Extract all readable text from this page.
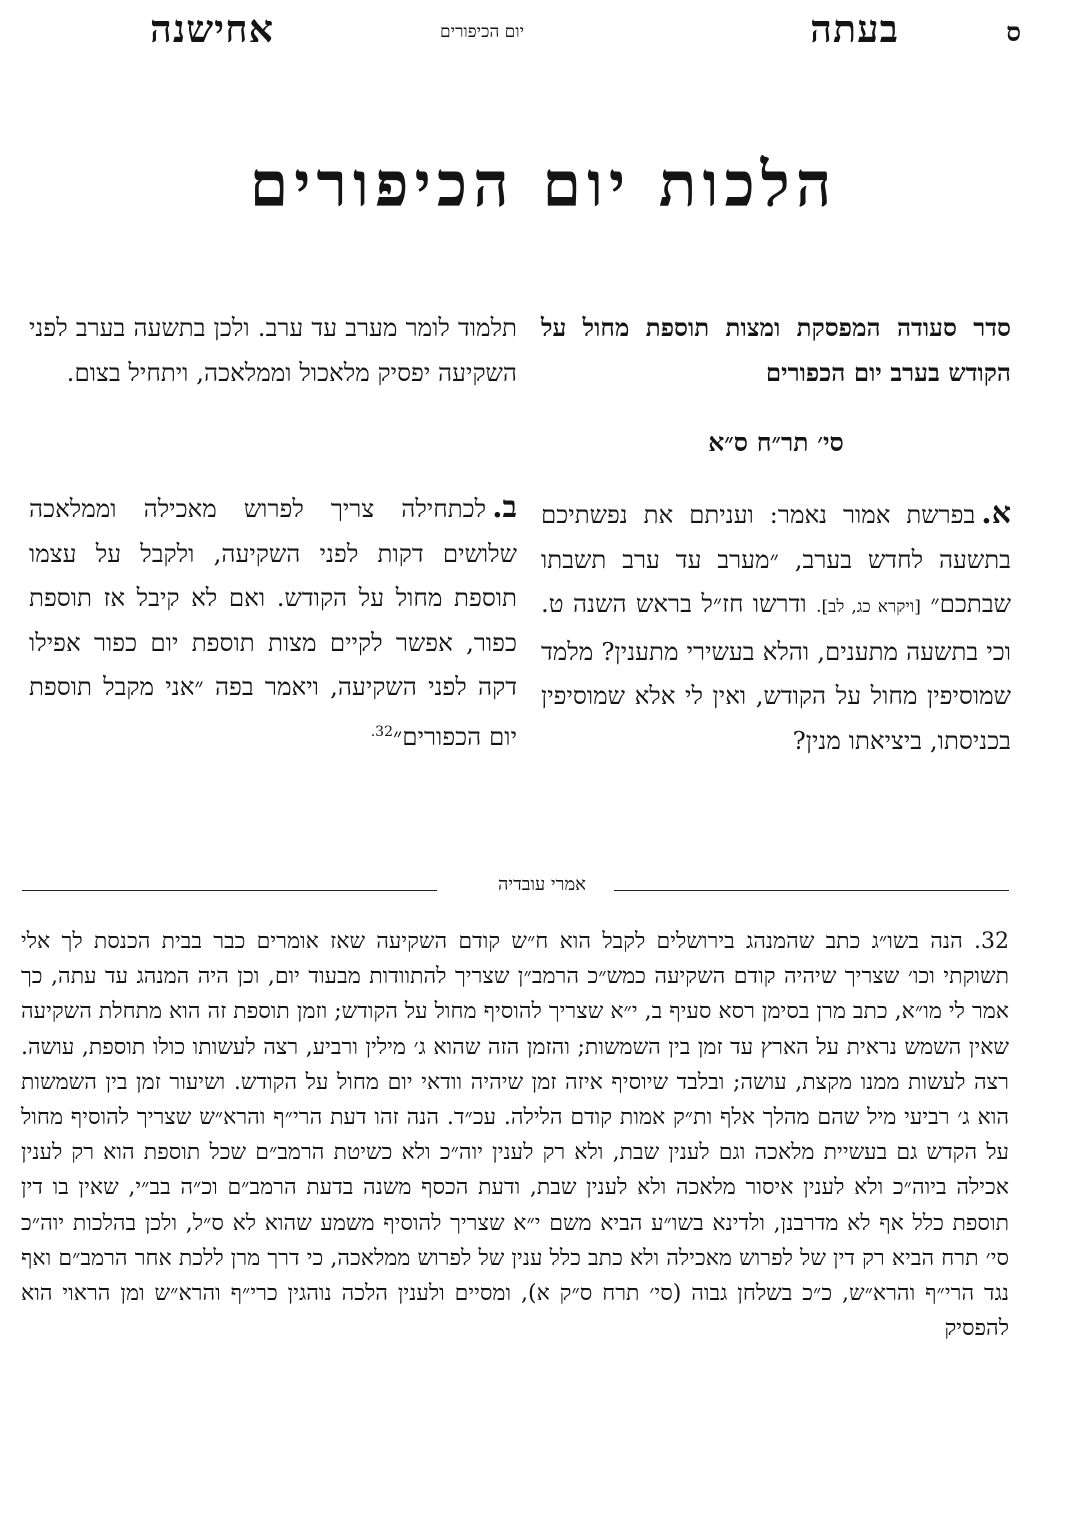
ס
בעתה
יום הכיפורים
אחישנה
הלכות יום הכיפורים

סדר סעודה המפסקת ומצות תוספת מחול על הקודש בערב יום הכפורים

סי׳ תר״ח ס״א

א.בפרשת אמור נאמר: ועניתם את נפשתיכם בתשעה לחדש בערב, ״מערב עד ערב תשבתו שבתכם״ [ויקרא כג, לב]. ודרשו חז״ל בראש השנה ט. וכי בתשעה מתענים, והלא בעשירי מתענין? מלמד שמוסיפין מחול על הקודש, ואין לי אלא שמוסיפין בכניסתו, ביציאתו מנין?

תלמוד לומר מערב עד ערב. ולכן בתשעה בערב לפני השקיעה יפסיק מלאכול וממלאכה, ויתחיל בצום.

ב.לכתחילה צריך לפרוש מאכילה וממלאכה שלושים דקות לפני השקיעה, ולקבל על עצמו תוספת מחול על הקודש. ואם לא קיבל אז תוספת כפור, אפשר לקיים מצות תוספת יום כפור אפילו דקה לפני השקיעה, ויאמר בפה ״אני מקבל תוספת יום הכפורים״$^{32.}$

אמרי עובדיה

32. הנה בשו״ג כתב שהמנהג בירושלים לקבל הוא ח״ש קודם השקיעה שאז אומרים כבר בבית הכנסת לך אלי תשוקתי וכו׳ שצריך שיהיה קודם השקיעה כמש״כ הרמב״ן שצריך להתוודות מבעוד יום, וכן היה המנהג עד עתה, כך אמר לי מו״א, כתב מרן בסימן רסא סעיף ב, י״א שצריך להוסיף מחול על הקודש; וזמן תוספת זה הוא מתחלת השקיעה שאין השמש נראית על הארץ עד זמן בין השמשות; והזמן הזה שהוא ג׳ מילין ורביע, רצה לעשותו כולו תוספת, עושה. רצה לעשות ממנו מקצת, עושה; ובלבד שיוסיף איזה זמן שיהיה וודאי יום מחול על הקודש. ושיעור זמן בין השמשות הוא ג׳ רביעי מיל שהם מהלך אלף ות״ק אמות קודם הלילה. עכ״ד. הנה זהו דעת הרי״ף והרא״ש שצריך להוסיף מחול על הקדש גם בעשיית מלאכה וגם לענין שבת, ולא רק לענין יוה״כ ולא כשיטת הרמב״ם שכל תוספת הוא רק לענין אכילה ביוה״כ ולא לענין איסור מלאכה ולא לענין שבת, ודעת הכסף משנה בדעת הרמב״ם וכ״ה בב״י, שאין בו דין תוספת כלל אף לא מדרבנן, ולדינא בשו״ע הביא משם י״א שצריך להוסיף משמע שהוא לא ס״ל, ולכן בהלכות יוה״כ סי׳ תרח הביא רק דין של לפרוש מאכילה ולא כתב כלל ענין של לפרוש ממלאכה, כי דרך מרן ללכת אחר הרמב״ם ואף נגד הרי״ף והרא״ש, כ״כ בשלחן גבוה (סי׳ תרח ס״ק א), ומסיים ולענין הלכה נוהגין כרי״ף והרא״ש ומן הראוי הוא להפסיק
